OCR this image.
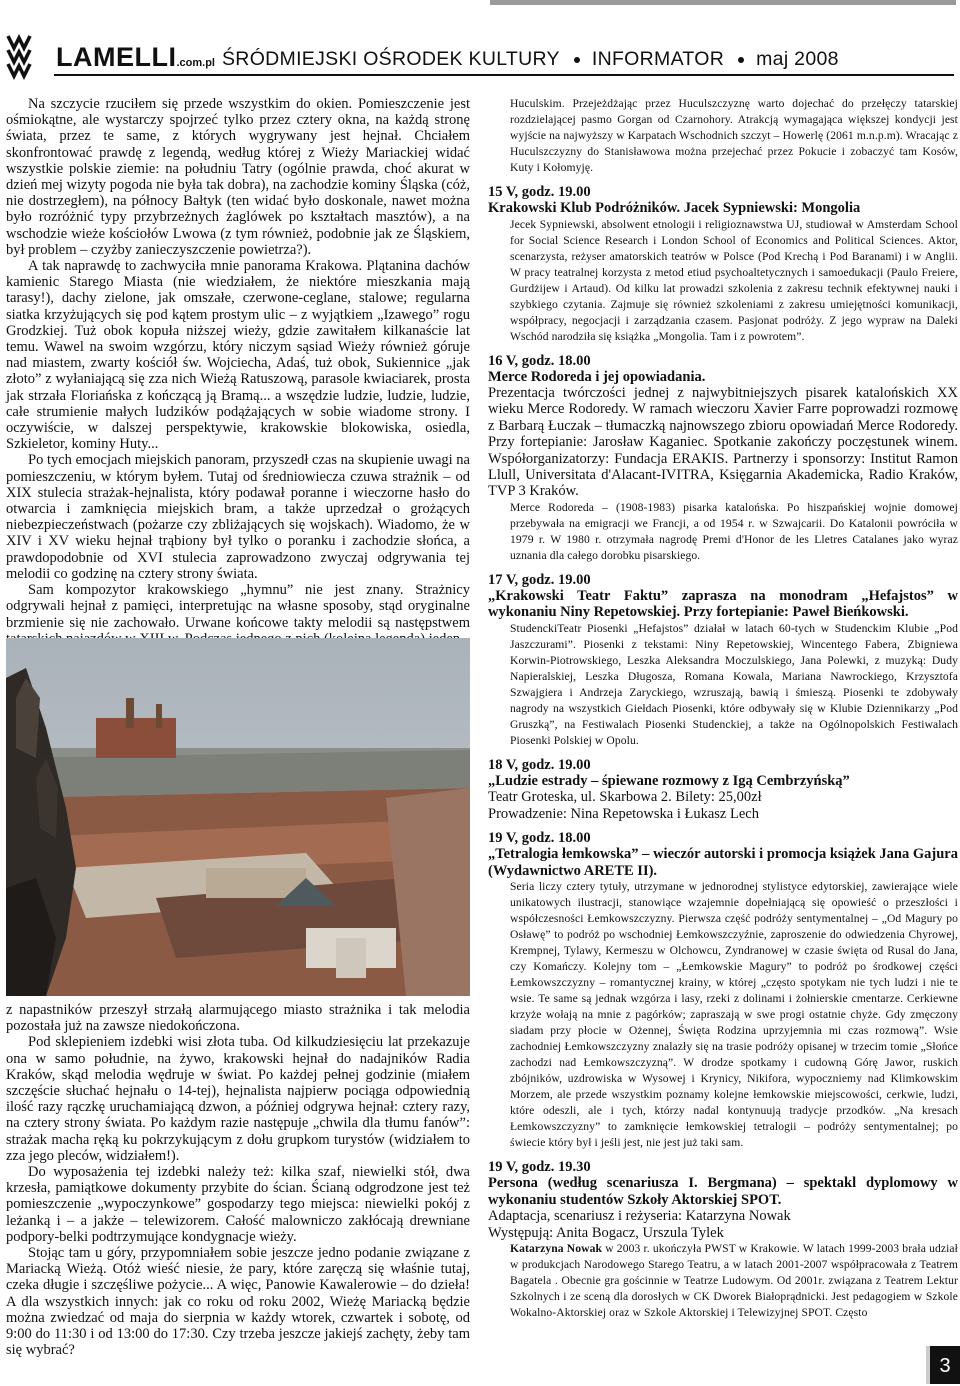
LAMELLI.com.pl ŚRÓDMIEJSKI OŚRODEK KULTURY INFORMATOR maj 2008

Na szczycie rzuciłem się przede wszystkim do okien. Pomieszczenie jest ośmiokątne, ale wystarczy spojrzeć tylko przez cztery okna, na każdą stronę świata, przez te same, z których wygrywany jest hejnał. Chciałem skonfrontować prawdę z legendą, według której z Wieży Mariackiej widać wszystkie polskie ziemie: na południu Tatry (ogólnie prawda, choć akurat w dzień mej wizyty pogoda nie była tak dobra), na zachodzie kominy Śląska (cóż, nie dostrzegłem), na północy Bałtyk (ten widać było doskonale, nawet można było rozróżnić typy przybrzeżnych żaglówek po kształtach masztów), a na wschodzie wieże kościołów Lwowa (z tym również, podobnie jak ze Śląskiem, był problem – czyżby zanieczyszczenie powietrza?).

A tak naprawdę to zachwyciła mnie panorama Krakowa. Plątanina dachów kamienic Starego Miasta (nie wiedziałem, że niektóre mieszkania mają tarasy!), dachy zielone, jak omszałe, czerwone-ceglane, stalowe; regularna siatka krzyżujących się pod kątem prostym ulic – z wyjątkiem „Izawego” rogu Grodzkiej. Tuż obok kopuła niższej wieży, gdzie zawitałem kilkanaście lat temu. Wawel na swoim wzgórzu, który niczym sąsiad Wieży również góruje nad miastem, zwarty kościół św. Wojciecha, Adaś, tuż obok, Sukiennice „jak złoto” z wyłaniającą się zza nich Wieżą Ratuszową, parasole kwiaciarek, prosta jak strzała Floriańska z kończącą ją Bramą... a wszędzie ludzie, ludzie, ludzie, całe strumienie małych ludzików podążających w sobie wiadome strony. I oczywiście, w dalszej perspektywie, krakowskie blokowiska, osiedla, Szkieletor, kominy Huty...

Po tych emocjach miejskich panoram, przyszedł czas na skupienie uwagi na pomieszczeniu, w którym byłem. Tutaj od średniowiecza czuwa strażnik – od XIX stulecia strażak-hejnalista, który podawał poranne i wieczorne hasło do otwarcia i zamknięcia miejskich bram, a także uprzedzał o grożących niebezpieczeństwach (pożarze czy zbliżających się wojskach). Wiadomo, że w XIV i XV wieku hejnał trąbiony był tylko o poranku i zachodzie słońca, a prawdopodobnie od XVI stulecia zaprowadzono zwyczaj odgrywania tej melodii co godzinę na cztery strony świata.

Sam kompozytor krakowskiego „hymnu” nie jest znany. Strażnicy odgrywali hejnał z pamięci, interpretując na własne sposoby, stąd oryginalne brzmienie się nie zachowało. Urwane końcowe takty melodii są następstwem

z napastników przeszył strzałą alarmującego miasto strażnika i tak melodia pozostała już na zawsze niedokończona.

Pod sklepieniem izdebki wisi złota tuba. Od kilkudziesięciu lat przekazuje ona w samo południe, na żywo, krakowski hejnał do nadajników Radia Kraków, skąd melodia wędruje w świat. Po każdej pełnej godzinie (miałem szczęście słuchać hejnału o 14-tej), hejnalista najpierw pociąga odpowiednią ilość razy rączkę uruchamiającą dzwon, a później odgrywa hejnał: cztery razy, na cztery strony świata. Po każdym razie następuje „chwila dla tłumu fanów”: strażak macha ręką ku pokrzykującym z dołu grupkom turystów (widziałem to zza jego pleców, widziałem!).

Do wyposażenia tej izdebki należy też: kilka szaf, niewielki stół, dwa krzesła, pamiątkowe dokumenty przybite do ścian. Ścianą odgrodzone jest też pomieszczenie „wypoczynkowe” gospodarzy tego miejsca: niewielki pokój z leżanką i – a jakże – telewizorem. Całość malowniczo zakłócają drewniane podpory-belki podtrzymujące kondygnacje wieży.

Stojąc tam u góry, przypomniałem sobie jeszcze jedno podanie związane z Mariacką Wieżą. Otóż wieść niesie, że pary, które zaręczą się właśnie tutaj, czeka długie i szczęśliwe pożycie... A więc, Panowie Kawalerowie – do dzieła! A dla wszystkich innych: jak co roku od roku 2002, Wieżę Mariacką będzie można zwiedzać od maja do sierpnia w każdy wtorek, czwartek i sobotę, od 9:00 do 11:30 i od 13:00 do 17:30. Czy trzeba jeszcze jakiejś zachęty, żeby tam się wybrać?

Huculskim. Przejeżdżając przez Huculszczyznę warto dojechać do przełęczy tatarskiej rozdzielającej pasmo Gorgan od Czarnohory. Atrakcją wymagająca większej kondycji jest wyjście na najwyższy w Karpatach Wschodnich szczyt – Howerlę (2061 m.n.p.m). Wracając z Huculszczyzny do Stanisławowa można przejechać przez Pokucie i zobaczyć tam Kosów, Kuty i Kołomyję.

15 V, godz. 19.00

Krakowski Klub Podróżników. Jacek Sypniewski: Mongolia

Jecek Sypniewski, absolwent etnologii i religioznawstwa UJ, studiował w Amsterdam School for Social Science Research i London School of Economics and Political Sciences. Aktor, scenarzysta, reżyser amatorskich teatrów w Polsce (Pod Krechą i Pod Baranami) i w Anglii. W pracy teatralnej korzysta z metod etiud psychoaltetycznych i samoedukacji (Paulo Freiere, Gurdżijew i Artaud). Od kilku lat prowadzi szkolenia z zakresu technik efektywnej nauki i szybkiego czytania. Zajmuje się również szkoleniami z zakresu umiejętności komunikacji, współpracy, negocjacji i zarządzania czasem. Pasjonat podróży. Z jego wypraw na Daleki Wschód narodziła się książka „Mongolia. Tam i z powrotem”.

16 V, godz. 18.00

Merce Rodoreda i jej opowiadania.

Prezentacja twórczości jednej z najwybitniejszych pisarek katalońskich XX wieku Merce Rodoredy. W ramach wieczoru Xavier Farre poprowadzi rozmowę z Barbarą Łuczak – tłumaczką najnowszego zbioru opowiadań Merce Rodoredy. Przy fortepianie: Jarosław Kaganiec. Spotkanie zakończy poczęstunek winem. Współorganizatorzy: Fundacja ERAKIS. Partnerzy i sponsorzy: Institut Ramon Llull, Universitata d'Alacant-IVITRA, Księgarnia Akademicka, Radio Kraków, TVP 3 Kraków.

Merce Rodoreda – (1908-1983) pisarka katalońska. Po hiszpańskiej wojnie domowej przebywała na emigracji we Francji, a od 1954 r. w Szwajcarii. Do Katalonii powróciła w 1979 r. W 1980 r. otrzymała nagrodę Premi d'Honor de les Lletres Catalanes jako wyraz uznania dla całego dorobku pisarskiego.

17 V, godz. 19.00

„Krakowski Teatr Faktu” zaprasza na monodram „Hefajstos” w wykonaniu Niny Repetowskiej. Przy fortepianie: Paweł Bieńkowski.

StudenckiTeatr Piosenki „Hefajstos” działał w latach 60-tych w Studenckim Klubie „Pod Jaszczurami”. Piosenki z tekstami: Niny Repetowskiej, Wincentego Fabera, Zbigniewa Korwin-Piotrowskiego, Leszka Aleksandra Moczulskiego, Jana Polewki, z muzyką: Dudy Napieralskiej, Leszka Długosza, Romana Kowala, Mariana Nawrockiego, Krzysztofa Szwajgiera i Andrzeja Zaryckiego, wzruszają, bawią i śmieszą. Piosenki te zdobywały nagrody na wszystkich Giełdach Piosenki, które odbywały się w Klubie Dziennikarzy „Pod Gruszką”, na Festiwalach Piosenki Studenckiej, a także na Ogólnopolskich Festiwalach Piosenki Polskiej w Opolu.

18 V, godz. 19.00

„Ludzie estrady – śpiewane rozmowy z Igą Cembrzyńską”

Teatr Groteska, ul. Skarbowa 2. Bilety: 25,00zł

Prowadzenie: Nina Repetowska i Łukasz Lech

19 V, godz. 18.00

„Tetralogia łemkowska” – wieczór autorski i promocja książek Jana Gajura (Wydawnictwo ARETE II).

Seria liczy cztery tytuły, utrzymane w jednorodnej stylistyce edytorskiej, zawierające wiele unikatowych ilustracji, stanowiące wzajemnie dopełniającą się opowieść o przeszłości i współczesności Łemkowszczyzny. Pierwsza część podróży sentymentalnej – „Od Magury po Osławę” to podróż po wschodniej Łemkowszczyźnie, zaproszenie do odwiedzenia Chyrowej, Krempnej, Tylawy, Kermeszu w Olchowcu, Zyndranowej w czasie święta od Rusal do Jana, czy Komańczy. Kolejny tom – „Łemkowskie Magury” to podróż po środkowej części Łemkowszczyzny – romantycznej krainy, w której „często spotykam nie tych ludzi i nie te wsie. Te same są jednak wzgórza i lasy, rzeki z dolinami i żołnierskie cmentarze. Cerkiewne krzyże wołają na mnie z pagórków; zapraszają w swe progi ostatnie chyże. Gdy zmęczony siadam przy płocie w Ożennej, Święta Rodzina uprzyjemnia mi czas rozmową”. Wsie zachodniej Łemkowszczyzny znalazły się na trasie podróży opisanej w trzecim tomie „Słońce zachodzi nad Łemkowszczyzną”. W drodze spotkamy i cudowną Górę Jawor, ruskich zbójników, uzdrowiska w Wysowej i Krynicy, Nikifora, wypoczniemy nad Klimkowskim Morzem, ale przede wszystkim poznamy kolejne łemkowskie miejscowości, cerkwie, ludzi, które odeszli, ale i tych, którzy nadal kontynuują tradycje przodków. „Na kresach Łemkowszczyzny” to zamknięcie łemkowskiej tetralogii – podróży sentymentalnej; po świecie który był i jeśli jest, nie jest już taki sam.

19 V, godz. 19.30

Persona (według scenariusza I. Bergmana) – spektakl dyplomowy w wykonaniu studentów Szkoły Aktorskiej SPOT.

Adaptacja, scenariusz i reżyseria: Katarzyna Nowak

Występują: Anita Bogacz, Urszula Tylek

Katarzyna Nowak w 2003 r. ukończyła PWST w Krakowie. W latach 1999-2003 brała udział w produkcjach Narodowego Starego Teatru, a w latach 2001-2007 współpracowała z Teatrem Bagatela . Obecnie gra gościnnie w Teatrze Ludowym. Od 2001r. związana z Teatrem Lektur Szkolnych i ze sceną dla dorosłych w CK Dworek Białoprądnicki. Jest pedagogiem w Szkole Wokalno-Aktorskiej oraz w Szkole Aktorskiej i Telewizyjnej SPOT. Często

3
